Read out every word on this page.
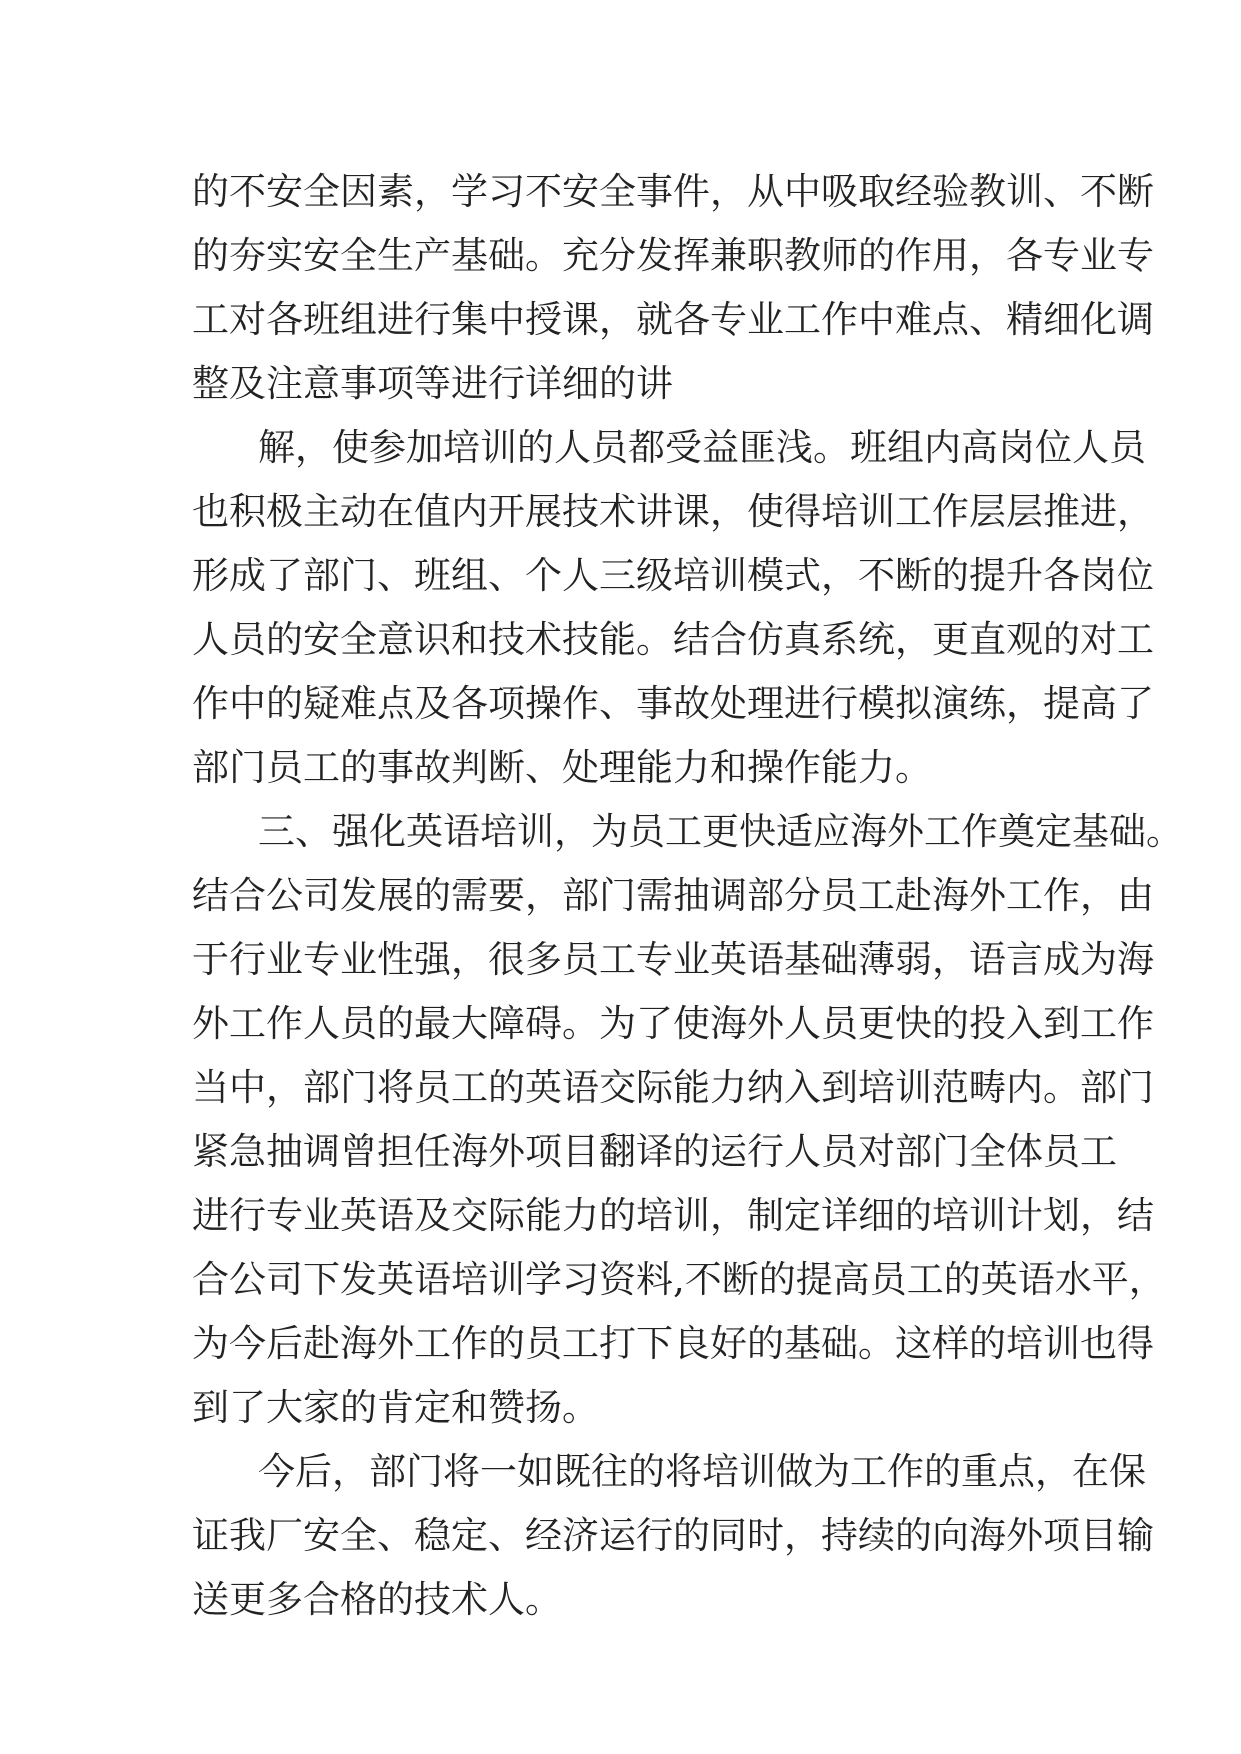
的不安全因素，学习不安全事件，从中吸取经验教训、不断
的夯实安全生产基础。充分发挥兼职教师的作用，各专业专
工对各班组进行集中授课，就各专业工作中难点、精细化调
整及注意事项等进行详细的讲
解，使参加培训的人员都受益匪浅。班组内高岗位人员
也积极主动在值内开展技术讲课，使得培训工作层层推进，
形成了部门、班组、个人三级培训模式，不断的提升各岗位
人员的安全意识和技术技能。结合仿真系统，更直观的对工
作中的疑难点及各项操作、事故处理进行模拟演练，提高了
部门员工的事故判断、处理能力和操作能力。
三、强化英语培训，为员工更快适应海外工作奠定基础。
结合公司发展的需要，部门需抽调部分员工赴海外工作，由
于行业专业性强，很多员工专业英语基础薄弱，语言成为海
外工作人员的最大障碍。为了使海外人员更快的投入到工作
当中，部门将员工的英语交际能力纳入到培训范畴内。部门
紧急抽调曾担任海外项目翻译的运行人员对部门全体员工
进行专业英语及交际能力的培训，制定详细的培训计划，结
合公司下发英语培训学习资料,不断的提高员工的英语水平，
为今后赴海外工作的员工打下良好的基础。这样的培训也得
到了大家的肯定和赞扬。
今后，部门将一如既往的将培训做为工作的重点，在保
证我厂安全、稳定、经济运行的同时，持续的向海外项目输
送更多合格的技术人。
